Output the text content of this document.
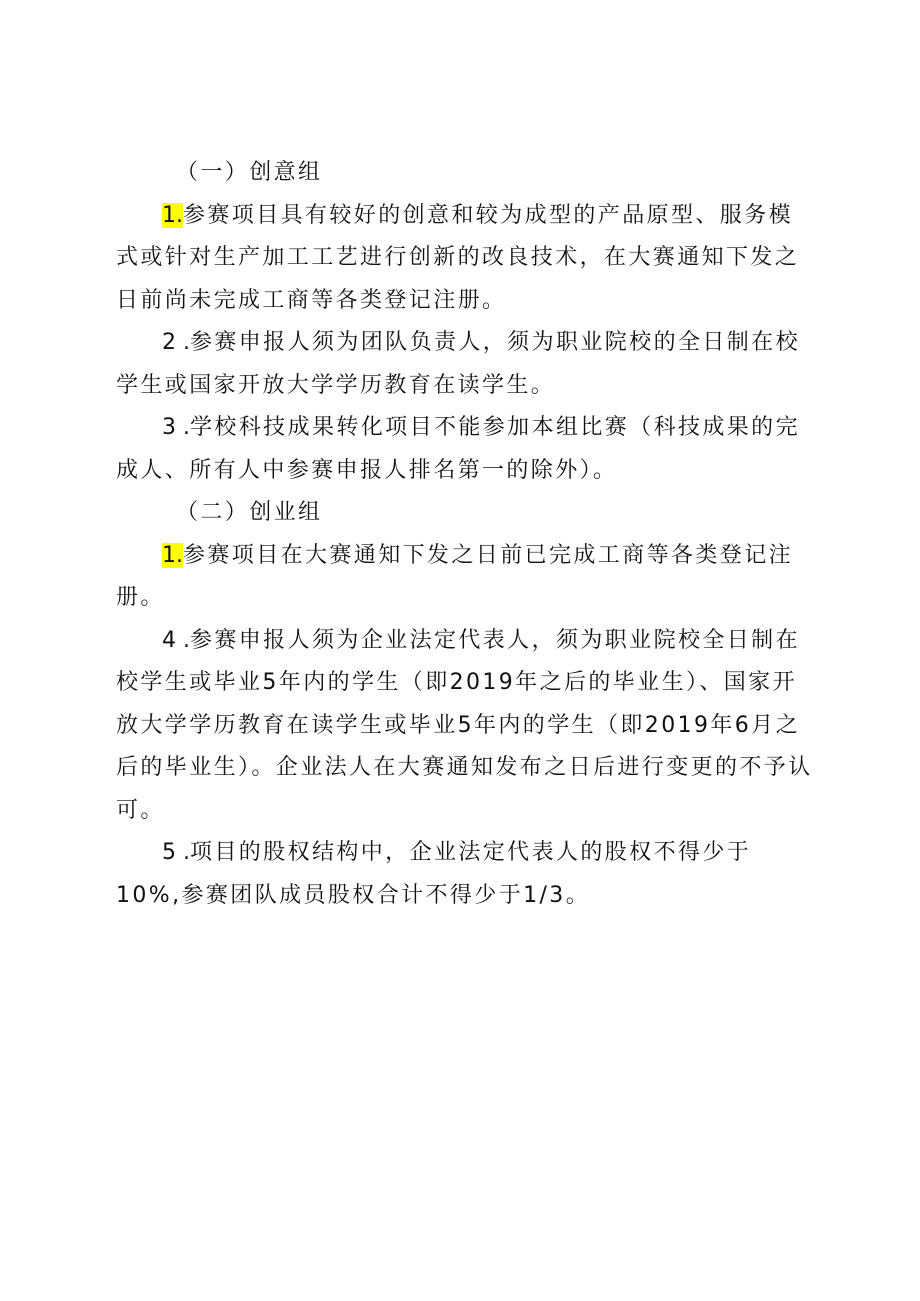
（一）创意组

1.参赛项目具有较好的创意和较为成型的产品原型、服务模式或针对生产加工工艺进行创新的改良技术，在大赛通知下发之日前尚未完成工商等各类登记注册。

2 .参赛申报人须为团队负责人，须为职业院校的全日制在校学生或国家开放大学学历教育在读学生。

3 .学校科技成果转化项目不能参加本组比赛（科技成果的完成人、所有人中参赛申报人排名第一的除外）。

（二）创业组

1.参赛项目在大赛通知下发之日前已完成工商等各类登记注册。

4 .参赛申报人须为企业法定代表人，须为职业院校全日制在校学生或毕业5年内的学生（即2019年之后的毕业生）、国家开放大学学历教育在读学生或毕业5年内的学生（即2019年6月之后的毕业生）。企业法人在大赛通知发布之日后进行变更的不予认可。

5 .项目的股权结构中，企业法定代表人的股权不得少于10%,参赛团队成员股权合计不得少于1/3。
